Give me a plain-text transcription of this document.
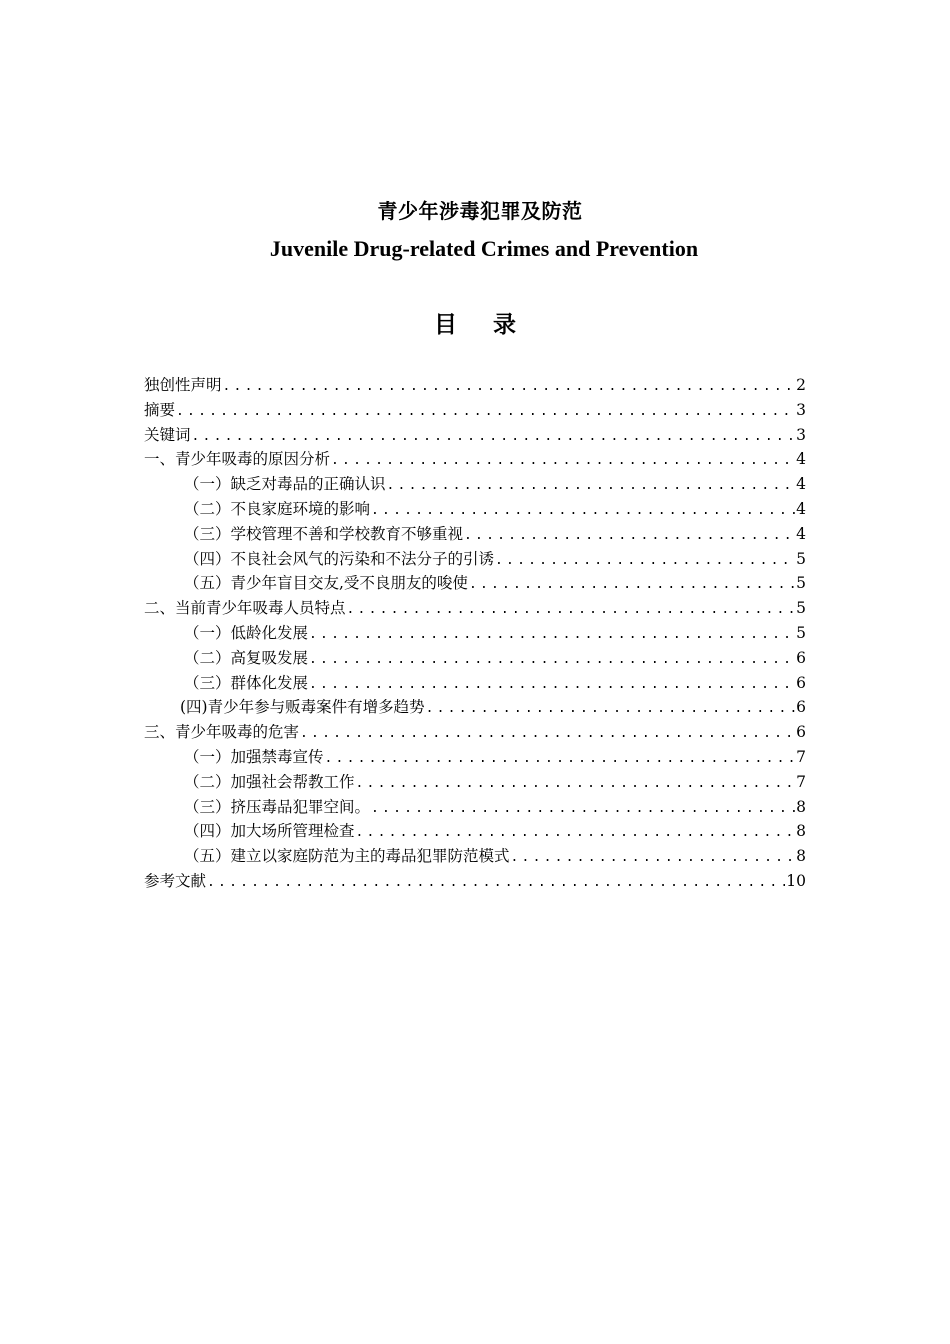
青少年涉毒犯罪及防范
Juvenile Drug-related Crimes and Prevention
目 录
独创性声明 .....	2
摘要 .....	3
关键词 .....	3
一、青少年吸毒的原因分析 .....	4
（一）缺乏对毒品的正确认识 .....	4
（二）不良家庭环境的影响 .....	4
（三）学校管理不善和学校教育不够重视 .....	4
（四）不良社会风气的污染和不法分子的引诱 .....	5
（五）青少年盲目交友,受不良朋友的唆使 .....	5
二、当前青少年吸毒人员特点 .....	5
（一）低龄化发展 .....	5
（二）高复吸发展 .....	6
（三）群体化发展 .....	6
(四)青少年参与贩毒案件有增多趋势 .....	6
三、青少年吸毒的危害 .....	6
（一）加强禁毒宣传 .....	7
（二）加强社会帮教工作 .....	7
（三）挤压毒品犯罪空间。 .....	8
（四）加大场所管理检查 .....	8
（五）建立以家庭防范为主的毒品犯罪防范模式 .....	8
参考文献 .....	10
